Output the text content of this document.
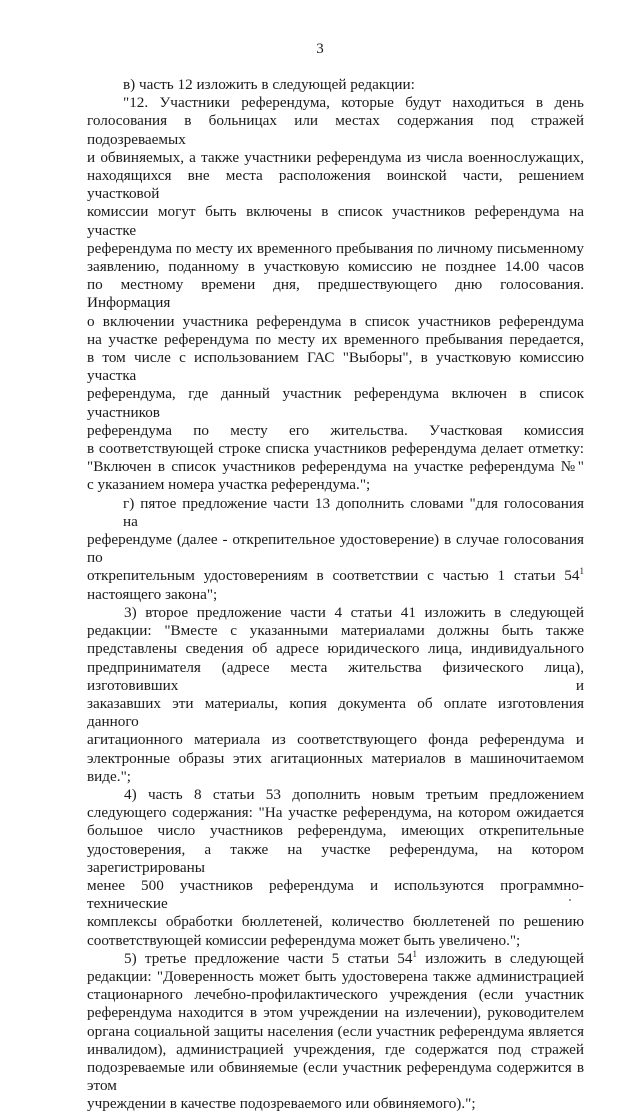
3
в) часть 12 изложить в следующей редакции:
"12. Участники референдума, которые будут находиться в день
голосования в больницах или местах содержания под стражей подозреваемых
и обвиняемых, а также участники референдума из числа военнослужащих,
находящихся вне места расположения воинской части, решением участковой
комиссии могут быть включены в список участников референдума на участке
референдума по месту их временного пребывания по личному письменному
заявлению, поданному в участковую комиссию не позднее 14.00 часов
по местному времени дня, предшествующего дню голосования. Информация
о включении участника референдума в список участников референдума
на участке референдума по месту их временного пребывания передается,
в том числе с использованием ГАС "Выборы", в участковую комиссию участка
референдума, где данный участник референдума включен в список участников
референдума по месту его жительства. Участковая комиссия
в соответствующей строке списка участников референдума делает отметку:
"Включен в список участников референдума на участке референдума №"
с указанием номера участка референдума.";
г) пятое предложение части 13 дополнить словами "для голосования на
референдуме (далее - открепительное удостоверение) в случае голосования по
открепительным удостоверениям в соответствии с частью 1 статьи $54^1$
настоящего закона";
3) второе предложение части 4 статьи 41 изложить в следующей
редакции: "Вместе с указанными материалами должны быть также
представлены сведения об адресе юридического лица, индивидуального
предпринимателя (адресе места жительства физического лица), изготовивших и
заказавших эти материалы, копия документа об оплате изготовления данного
агитационного материала из соответствующего фонда референдума и
электронные образы этих агитационных материалов в машиночитаемом виде.";
4) часть 8 статьи 53 дополнить новым третьим предложением
следующего содержания: "На участке референдума, на котором ожидается
большое число участников референдума, имеющих открепительные
удостоверения, а также на участке референдума, на котором зарегистрированы
менее 500 участников референдума и используются программно-технические
комплексы обработки бюллетеней, количество бюллетеней по решению
соответствующей комиссии референдума может быть увеличено.";
5) третье предложение части 5 статьи $54^1$ изложить в следующей
редакции: "Доверенность может быть удостоверена также администрацией
стационарного лечебно-профилактического учреждения (если участник
референдума находится в этом учреждении на излечении), руководителем
органа социальной защиты населения (если участник референдума является
инвалидом), администрацией учреждения, где содержатся под стражей
подозреваемые или обвиняемые (если участник референдума содержится в этом
учреждении в качестве подозреваемого или обвиняемого).";
